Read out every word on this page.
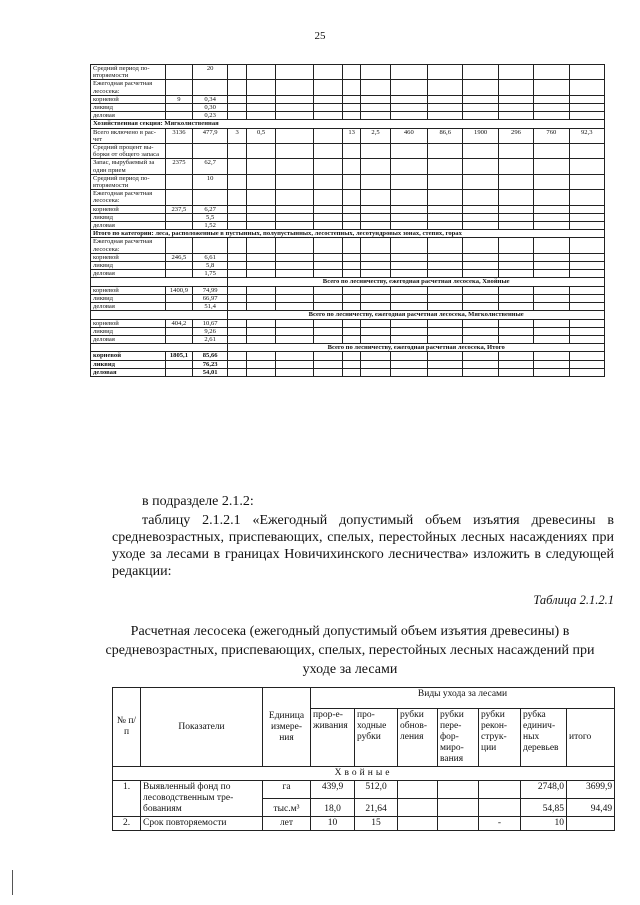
25
Средний период по-вторяемости		20												
Ежегодная расчетная лесосека:														
корневой	9	0,34												
ликвид		0,30												
деловая		0,23												
Хозяйственная секция: Мягколиственная														
Всего включено в рас-чет	3136	477,9	3	0,5			13	2,5	460	86,6	1900	296	760	92,3
Средний процент вы-борки от общего запаса														
Запас, вырубаемый за один прием	2375	62,7												
Средний период по-вторяемости		10												
Ежегодная расчетная лесосека:														
корневой	237,5	6,27												
ликвид		5,5												
деловая		1,52												
Итого по категории: леса, расположенные в пустынных, полупустынных, лесостепных, лесотундровых зонах, степях, горах														
Ежегодная расчетная лесосека:														
корневой	246,5	6,61												
ликвид		5,8												
деловая		1,75												
			Всего по лесничеству, ежегодная расчетная лесосека, Хвойные											
корневой	1400,9	74,99												
ликвид		66,97												
деловая		51,4												
			Всего по лесничеству, ежегодная расчетная лесосека, Мягколиственные											
корневой	404,2	10,67												
ликвид		9,26												
деловая		2,61												
			Всего по лесничеству, ежегодная расчетная лесосека, Итого											
корневой	1805,1	85,66												
ликвид		76,23												
деловая		54,01												
в подразделе 2.1.2:
таблицу 2.1.2.1 «Ежегодный допустимый объем изъятия древесины в средневозрастных, приспевающих, спелых, перестойных лесных насаждениях при уходе за лесами в границах Новичихинского лесничества» изложить в следующей редакции:
Таблица 2.1.2.1
Расчетная лесосека (ежегодный допустимый объем изъятия древесины) в средневозрастных, приспевающих, спелых, перестойных лесных насаждений при уходе за лесами
№ п/п	Показатели	Единица измере-ния	Виды ухода за лесами						
			прор-е-живания	про-ходные рубки	рубки обнов-ления	рубки пере-фор-миро-вания	рубки рекон-струк-ции	рубка единич-ных деревьев	итого
Хвойные									
1.	Выявленный фонд по лесоводственным тре-бованиям	га	439,9	512,0				2748,0	3699,9
		тыс.м³	18,0	21,64				54,85	94,49
2.	Срок повторяемости	лет	10	15			-	10	
